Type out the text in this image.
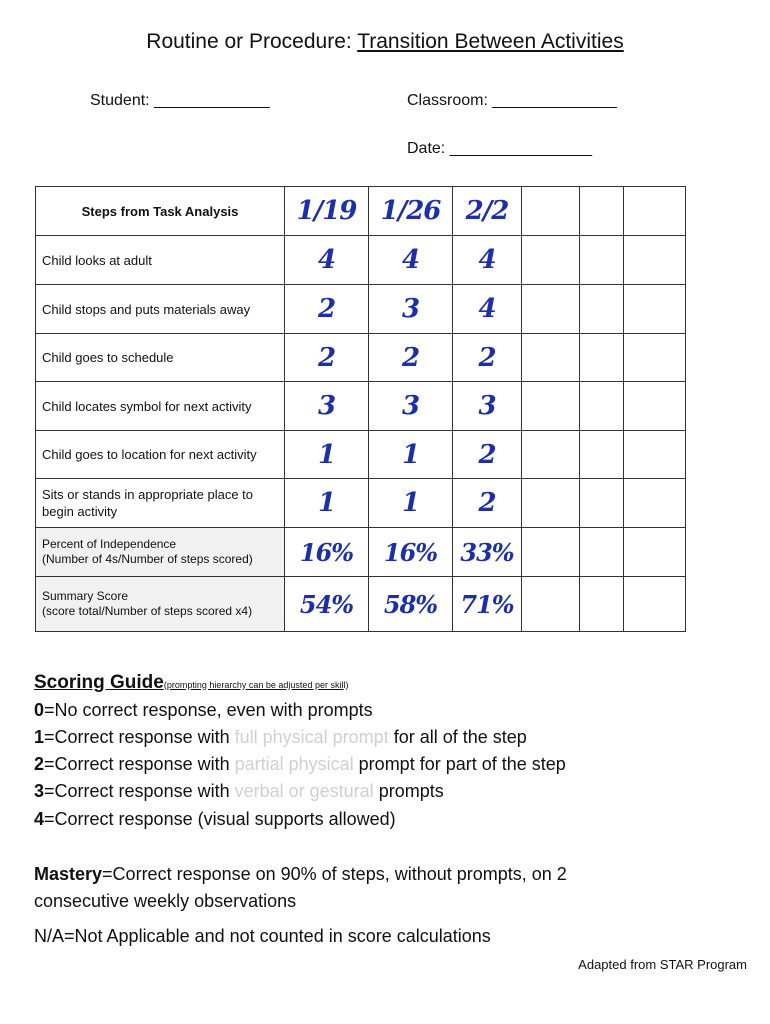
Routine or Procedure: Transition Between Activities
Student: _____________	Classroom: ______________
Date: ________________
Steps from Task Analysis	1/19	1/26	2/2			
Child looks at adult	4	4	4			
Child stops and puts materials away	2	3	4			
Child goes to schedule	2	2	2			
Child locates symbol for next activity	3	3	3			
Child goes to location for next activity	1	1	2			
Sits or stands in appropriate place to begin activity	1	1	2			
Percent of Independence
(Number of 4s/Number of steps scored)	16%	16%	33%			
Summary Score
(score total/Number of steps scored x4)	54%	58%	71%			
Scoring Guide(prompting hierarchy can be adjusted per skill)
0=No correct response, even with prompts
1=Correct response with full physical prompt for all of the step
2=Correct response with partial physical prompt for part of the step
3=Correct response with verbal or gestural prompts
4=Correct response (visual supports allowed)
Mastery=Correct response on 90% of steps, without prompts, on 2
consecutive weekly observations
N/A=Not Applicable and not counted in score calculations
Adapted from STAR Program
